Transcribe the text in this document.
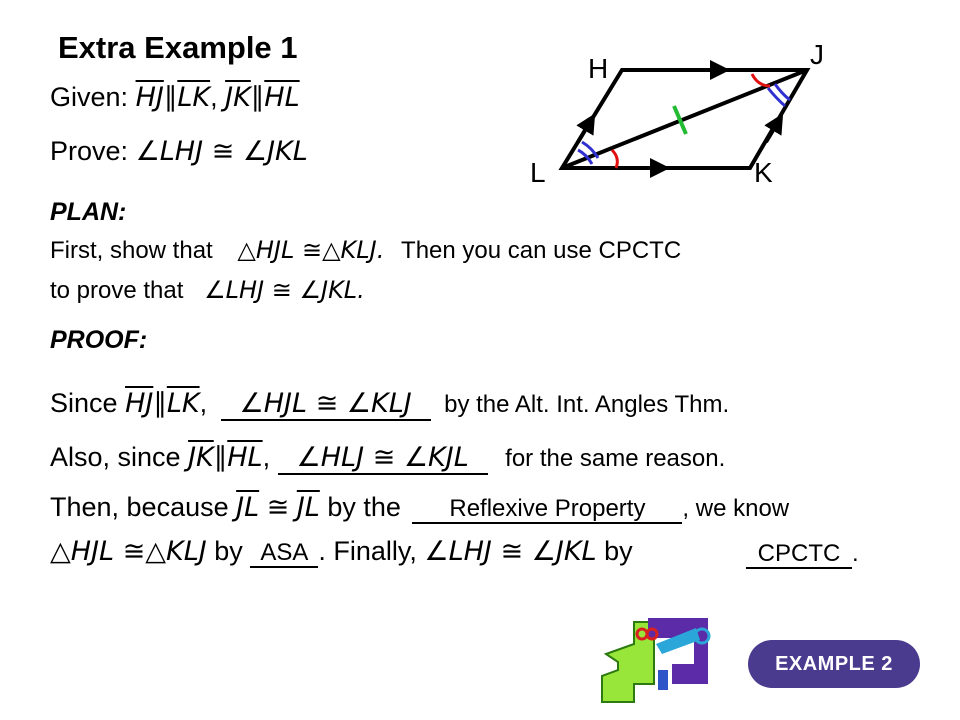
Extra Example 1
Given: $\overline{HJ}\parallel\overline{LK}$, $\overline{JK}\parallel\overline{HL}$
Prove: ∠LHJ ≅ ∠JKL
H	J
L	K
PLAN:
First, show that △HJL ≅△KLJ. Then you can use CPCTC
to prove that ∠LHJ ≅ ∠JKL.
PROOF:
Since $\overline{HJ}\parallel\overline{LK}$, ∠HJL ≅ ∠KLJ by the Alt. Int. Angles Thm.
Also, since $\overline{JK}\parallel\overline{HL}$, ∠HLJ ≅ ∠KJL for the same reason.
Then, because $\overline{JL}$ ≅ $\overline{JL}$ by the Reflexive Property , we know
△HJL ≅△KLJ by ASA . Finally, ∠LHJ ≅ ∠JKL by	CPCTC .
EXAMPLE 2
